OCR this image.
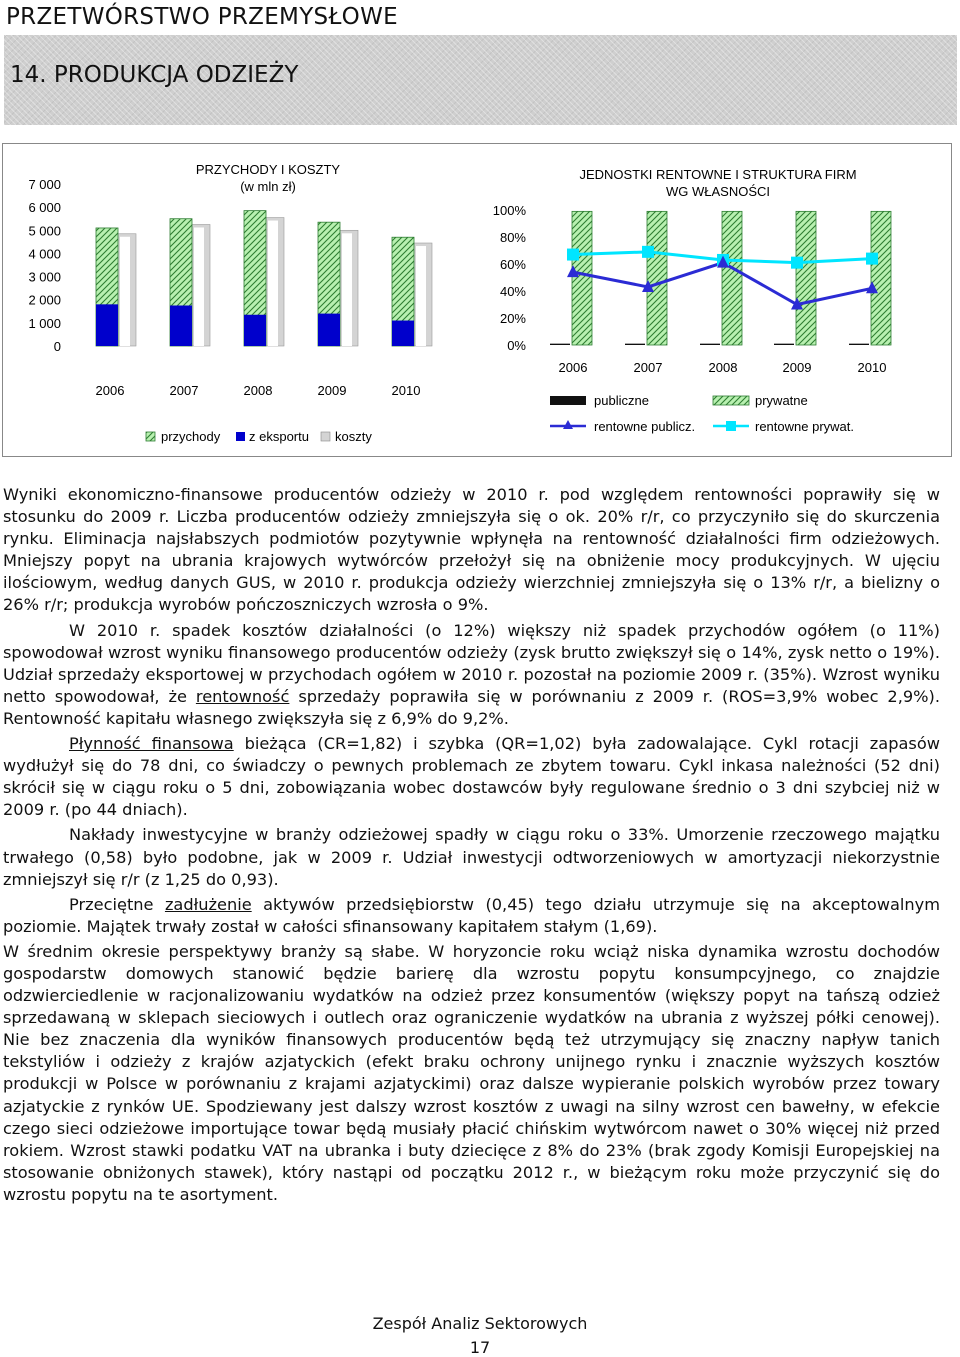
PRZETWÓRSTWO PRZEMYSŁOWE
14. PRODUKCJA ODZIEŻY
PRZYCHODY I KOSZTY
(w mln zł)
7 000
6 000
5 000
4 000
3 000
2 000
1 000
0
2006	2007	2008	2009	2010
przychody z eksportu koszty
JEDNOSTKI RENTOWNE I STRUKTURA FIRM
WG WŁASNOŚCI
100%
80%
60%
40%
20%
0%
2006	2007	2008	2009	2010
publiczne	prywatne
rentowne publicz.	rentowne prywat.

Wyniki ekonomiczno-finansowe producentów odzieży w 2010 r. pod względem rentowności poprawiły się w stosunku do 2009 r. Liczba producentów odzieży zmniejszyła się o ok. 20% r/r, co przyczyniło się do skurczenia rynku. Eliminacja najsłabszych podmiotów pozytywnie wpłynęła na rentowność działalności firm odzieżowych. Mniejszy popyt na ubrania krajowych wytwórców przełożył się na obniżenie mocy produkcyjnych. W ujęciu ilościowym, według danych GUS, w 2010 r. produkcja odzieży wierzchniej zmniejszyła się o 13% r/r, a bielizny o 26% r/r; produkcja wyrobów pończoszniczych wzrosła o 9%.

W 2010 r. spadek kosztów działalności (o 12%) większy niż spadek przychodów ogółem (o 11%) spowodował wzrost wyniku finansowego producentów odzieży (zysk brutto zwiększył się o 14%, zysk netto o 19%). Udział sprzedaży eksportowej w przychodach ogółem w 2010 r. pozostał na poziomie 2009 r. (35%). Wzrost wyniku netto spowodował, że rentowność sprzedaży poprawiła się w porównaniu z 2009 r. (ROS=3,9% wobec 2,9%). Rentowność kapitału własnego zwiększyła się z 6,9% do 9,2%.

Płynność finansowa bieżąca (CR=1,82) i szybka (QR=1,02) była zadowalające. Cykl rotacji zapasów wydłużył się do 78 dni, co świadczy o pewnych problemach ze zbytem towaru. Cykl inkasa należności (52 dni) skrócił się w ciągu roku o 5 dni, zobowiązania wobec dostawców były regulowane średnio o 3 dni szybciej niż w 2009 r. (po 44 dniach).

Nakłady inwestycyjne w branży odzieżowej spadły w ciągu roku o 33%. Umorzenie rzeczowego majątku trwałego (0,58) było podobne, jak w 2009 r. Udział inwestycji odtworzeniowych w amortyzacji niekorzystnie zmniejszył się r/r (z 1,25 do 0,93).

Przeciętne zadłużenie aktywów przedsiębiorstw (0,45) tego działu utrzymuje się na akceptowalnym poziomie. Majątek trwały został w całości sfinansowany kapitałem stałym (1,69).

W średnim okresie perspektywy branży są słabe. W horyzoncie roku wciąż niska dynamika wzrostu dochodów gospodarstw domowych stanowić będzie barierę dla wzrostu popytu konsumpcyjnego, co znajdzie odzwierciedlenie w racjonalizowaniu wydatków na odzież przez konsumentów (większy popyt na tańszą odzież sprzedawaną w sklepach sieciowych i outlech oraz ograniczenie wydatków na ubrania z wyższej półki cenowej). Nie bez znaczenia dla wyników finansowych producentów będą też utrzymujący się znaczny napływ tanich tekstyliów i odzieży z krajów azjatyckich (efekt braku ochrony unijnego rynku i znacznie wyższych kosztów produkcji w Polsce w porównaniu z krajami azjatyckimi) oraz dalsze wypieranie polskich wyrobów przez towary azjatyckie z rynków UE. Spodziewany jest dalszy wzrost kosztów z uwagi na silny wzrost cen bawełny, w efekcie czego sieci odzieżowe importujące towar będą musiały płacić chińskim wytwórcom nawet o 30% więcej niż przed rokiem. Wzrost stawki podatku VAT na ubranka i buty dziecięce z 8% do 23% (brak zgody Komisji Europejskiej na stosowanie obniżonych stawek), który nastąpi od początku 2012 r., w bieżącym roku może przyczynić się do wzrostu popytu na te asortyment.

Zespół Analiz Sektorowych
17
